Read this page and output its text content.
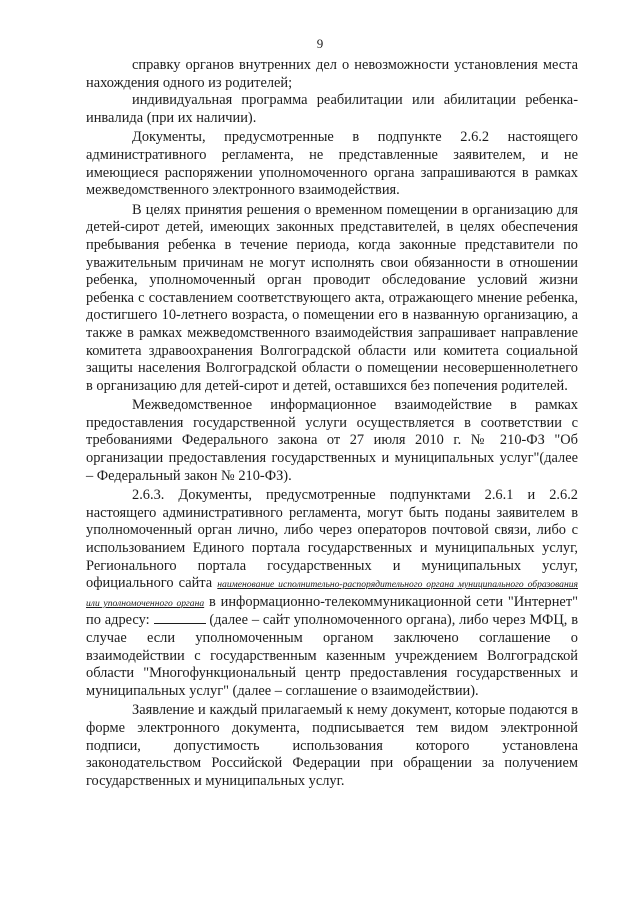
9

справку органов внутренних дел о невозможности установления места нахождения одного из родителей;

индивидуальная программа реабилитации или абилитации ребенка-инвалида (при их наличии).

Документы, предусмотренные в подпункте 2.6.2 настоящего административного регламента, не представленные заявителем, и не имеющиеся распоряжении уполномоченного органа запрашиваются в рамках межведомственного электронного взаимодействия.

В целях принятия решения о временном помещении в организацию для детей-сирот детей, имеющих законных представителей, в целях обеспечения пребывания ребенка в течение периода, когда законные представители по уважительным причинам не могут исполнять свои обязанности в отношении ребенка, уполномоченный орган проводит обследование условий жизни ребенка с составлением соответствующего акта, отражающего мнение ребенка, достигшего 10-летнего возраста, о помещении его в названную организацию, а также в рамках межведомственного взаимодействия запрашивает направление комитета здравоохранения Волгоградской области или комитета социальной защиты населения Волгоградской области о помещении несовершеннолетнего в организацию для детей-сирот и детей, оставшихся без попечения родителей.

Межведомственное информационное взаимодействие в рамках предоставления государственной услуги осуществляется в соответствии с требованиями Федерального закона от 27 июля 2010 г. № 210-ФЗ "Об организации предоставления государственных и муниципальных услуг"(далее – Федеральный закон № 210-ФЗ).

2.6.3. Документы, предусмотренные подпунктами 2.6.1 и 2.6.2 настоящего административного регламента, могут быть поданы заявителем в уполномоченный орган лично, либо через операторов почтовой связи, либо с использованием Единого портала государственных и муниципальных услуг, Регионального портала государственных и муниципальных услуг, официального сайта наименование исполнительно-распорядительного органа муниципального образования или уполномоченного органа в информационно-телекоммуникационной сети "Интернет" по адресу:	(далее – сайт уполномоченного органа), либо через МФЦ, в случае если уполномоченным органом заключено соглашение о взаимодействии с государственным казенным учреждением Волгоградской области "Многофункциональный центр предоставления государственных и муниципальных услуг" (далее – соглашение о взаимодействии).

Заявление и каждый прилагаемый к нему документ, которые подаются в форме электронного документа, подписывается тем видом электронной подписи, допустимость использования которого установлена законодательством Российской Федерации при обращении за получением государственных и муниципальных услуг.
